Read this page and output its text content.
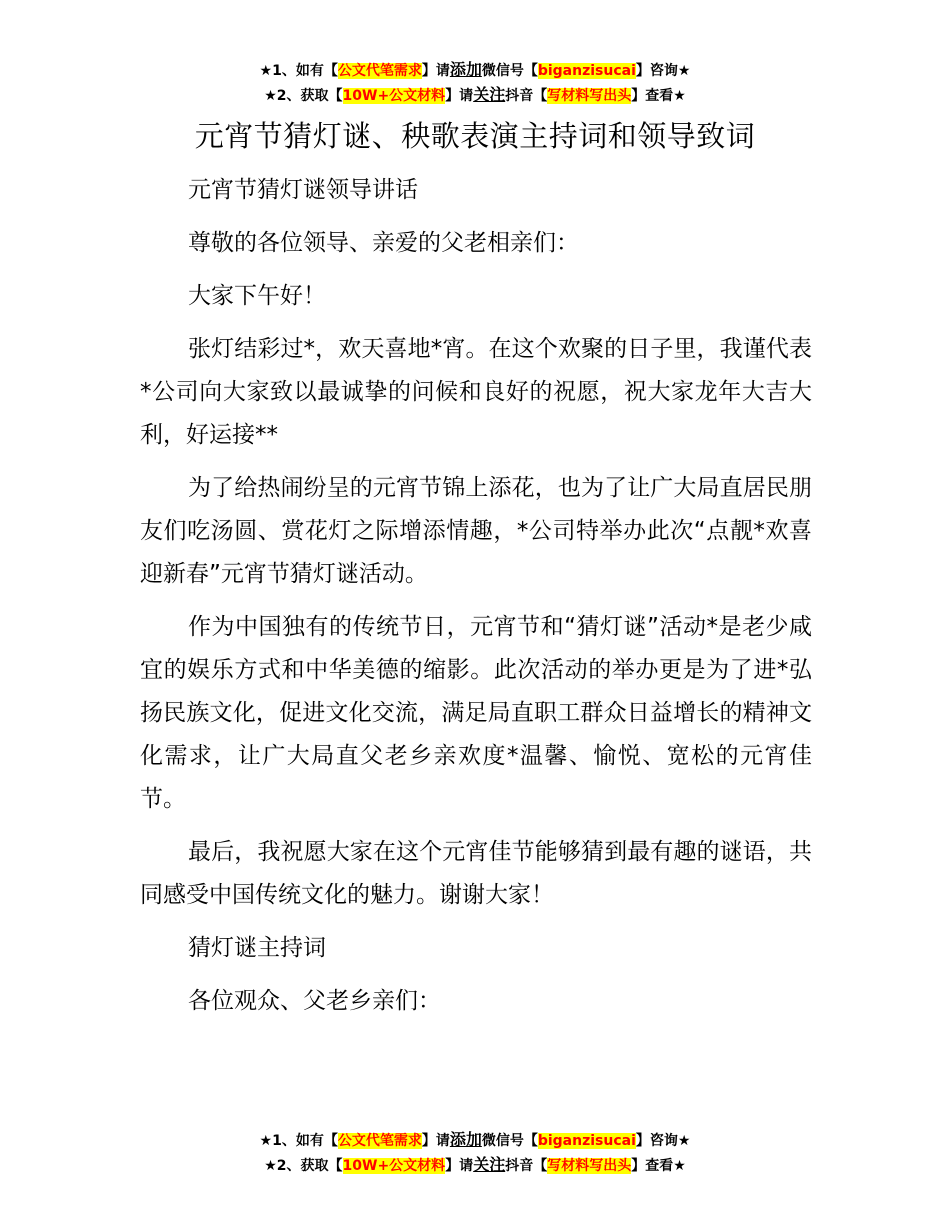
★1、如有【公文代笔需求】请添加微信号【biganzisucai】咨询★
★2、获取【10W+公文材料】请关注抖音【写材料写出头】查看★
元宵节猜灯谜、秧歌表演主持词和领导致词

元宵节猜灯谜领导讲话

尊敬的各位领导、亲爱的父老相亲们：

大家下午好！

张灯结彩过*，欢天喜地*宵。在这个欢聚的日子里，我谨代表*公司向大家致以最诚挚的问候和良好的祝愿，祝大家龙年大吉大利，好运接**

为了给热闹纷呈的元宵节锦上添花，也为了让广大局直居民朋友们吃汤圆、赏花灯之际增添情趣，*公司特举办此次“点靓*欢喜迎新春”元宵节猜灯谜活动。

作为中国独有的传统节日，元宵节和“猜灯谜”活动*是老少咸宜的娱乐方式和中华美德的缩影。此次活动的举办更是为了进*弘扬民族文化，促进文化交流，满足局直职工群众日益增长的精神文化需求，让广大局直父老乡亲欢度*温馨、愉悦、宽松的元宵佳节。

最后，我祝愿大家在这个元宵佳节能够猜到最有趣的谜语，共同感受中国传统文化的魅力。谢谢大家！

猜灯谜主持词

各位观众、父老乡亲们：

★1、如有【公文代笔需求】请添加微信号【biganzisucai】咨询★
★2、获取【10W+公文材料】请关注抖音【写材料写出头】查看★
